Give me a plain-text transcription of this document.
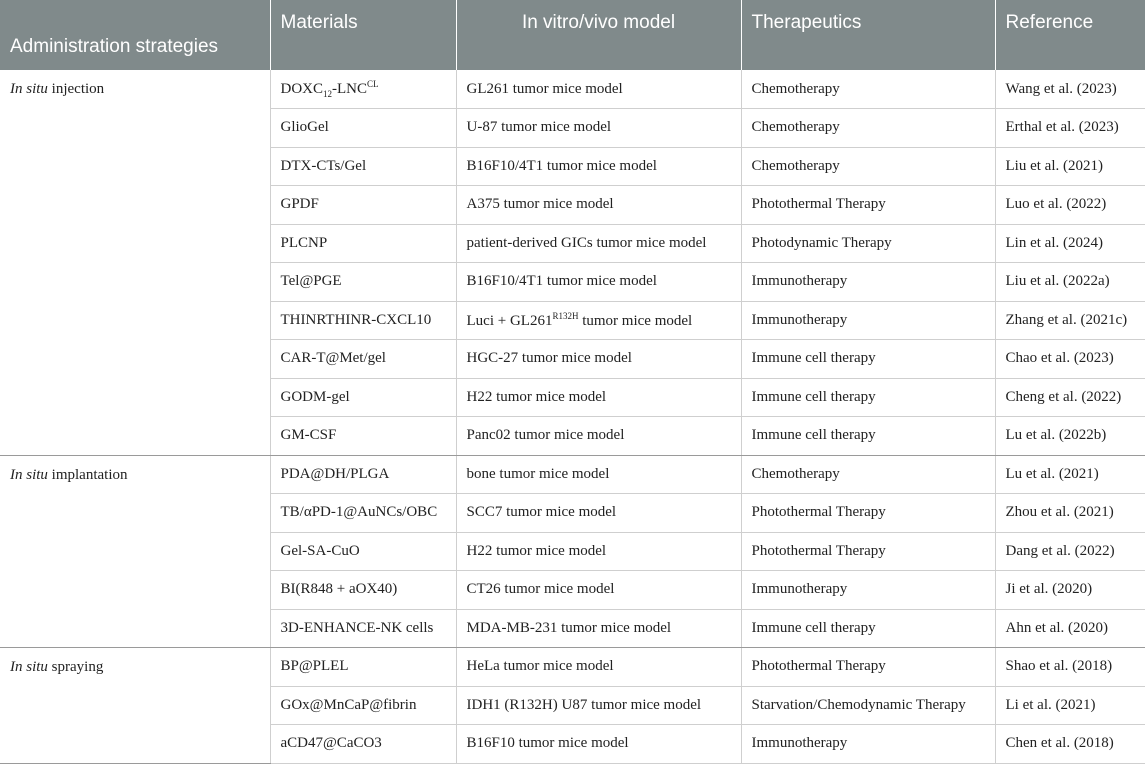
Administration strategies	Materials	In vitro/vivo model	Therapeutics	Reference

In situ injection	$DOXC_{12}-LNC^{CL}$	GL261 tumor mice model	Chemotherapy	Wang et al. (2023)
	GlioGel	U-87 tumor mice model	Chemotherapy	Erthal et al. (2023)
	DTX-CTs/Gel	B16F10/4T1 tumor mice model	Chemotherapy	Liu et al. (2021)
	GPDF	A375 tumor mice model	Photothermal Therapy	Luo et al. (2022)
	PLCNP	patient-derived GICs tumor mice model	Photodynamic Therapy	Lin et al. (2024)
	Tel@PGE	B16F10/4T1 tumor mice model	Immunotherapy	Liu et al. (2022a)
	THINRTHINR-CXCL10	Luci + $GL261^{R132H}$ tumor mice model	Immunotherapy	Zhang et al. (2021c)
	CAR-T@Met/gel	HGC-27 tumor mice model	Immune cell therapy	Chao et al. (2023)
	GODM-gel	H22 tumor mice model	Immune cell therapy	Cheng et al. (2022)
	GM-CSF	Panc02 tumor mice model	Immune cell therapy	Lu et al. (2022b)
In situ implantation	PDA@DH/PLGA	bone tumor mice model	Chemotherapy	Lu et al. (2021)
	TB/αPD-1@AuNCs/OBC	SCC7 tumor mice model	Photothermal Therapy	Zhou et al. (2021)
	Gel-SA-CuO	H22 tumor mice model	Photothermal Therapy	Dang et al. (2022)
	BI(R848 + aOX40)	CT26 tumor mice model	Immunotherapy	Ji et al. (2020)
	3D-ENHANCE-NK cells	MDA-MB-231 tumor mice model	Immune cell therapy	Ahn et al. (2020)
In situ spraying	BP@PLEL	HeLa tumor mice model	Photothermal Therapy	Shao et al. (2018)
	GOx@MnCaP@fibrin	IDH1 (R132H) U87 tumor mice model	Starvation/Chemodynamic Therapy	Li et al. (2021)
	aCD47@CaCO3	B16F10 tumor mice model	Immunotherapy	Chen et al. (2018)
